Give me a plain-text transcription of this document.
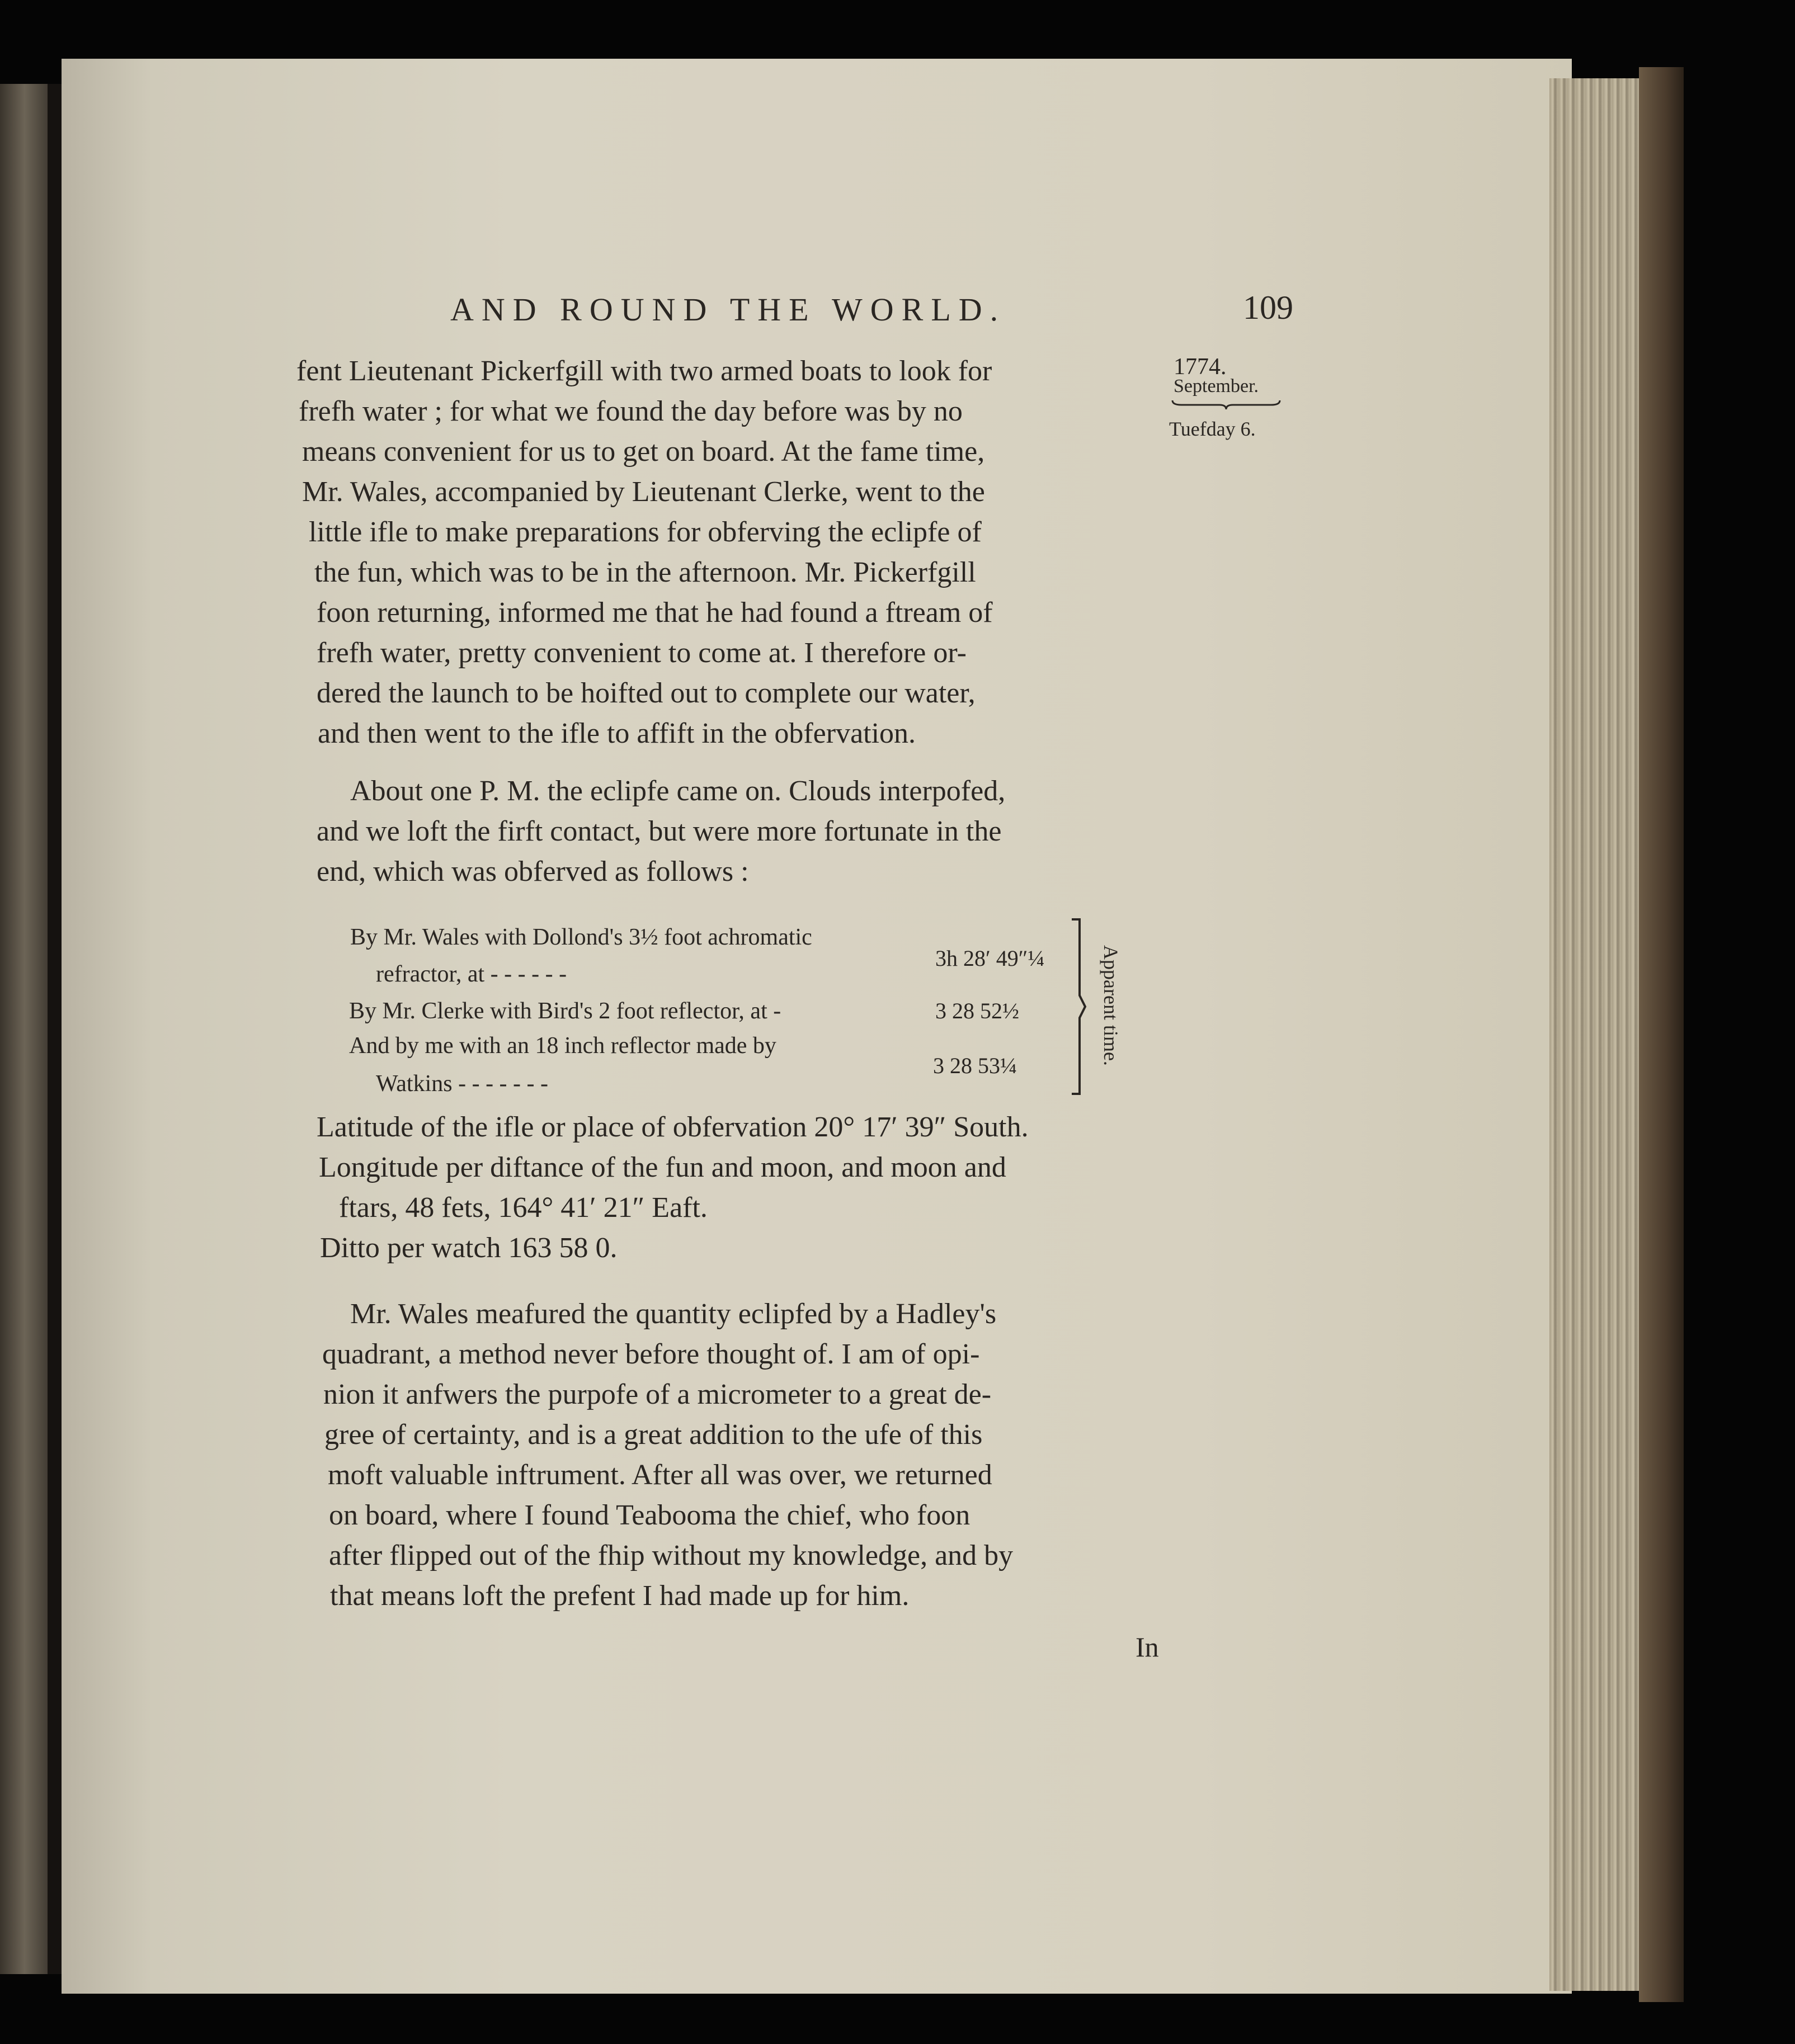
AND ROUND THE WORLD.	109
1774.
September.
Tuefday 6.
fent Lieutenant Pickerfgill with two armed boats to look for
frefh water ; for what we found the day before was by no
means convenient for us to get on board. At the fame time,
Mr. Wales, accompanied by Lieutenant Clerke, went to the
little ifle to make preparations for obferving the eclipfe of
the fun, which was to be in the afternoon. Mr. Pickerfgill
foon returning, informed me that he had found a ftream of
frefh water, pretty convenient to come at. I therefore or-
dered the launch to be hoifted out to complete our water,
and then went to the ifle to affift in the obfervation.
About one P. M. the eclipfe came on. Clouds interpofed,
and we loft the firft contact, but were more fortunate in the
end, which was obferved as follows :
By Mr. Wales with Dollond's 3½ foot achromatic
refractor, at - - - - - -
3h 28′ 49″¼
By Mr. Clerke with Bird's 2 foot reflector, at -	3 28 52½
And by me with an 18 inch reflector made by
Watkins - - - - - - -
3 28 53¼	Apparent time.
Latitude of the ifle or place of obfervation 20° 17′ 39″ South.
Longitude per diftance of the fun and moon, and moon and
ftars, 48 fets, 164° 41′ 21″ Eaft.
Ditto per watch 163 58 0.
Mr. Wales meafured the quantity eclipfed by a Hadley's
quadrant, a method never before thought of. I am of opi-
nion it anfwers the purpofe of a micrometer to a great de-
gree of certainty, and is a great addition to the ufe of this
moft valuable inftrument. After all was over, we returned
on board, where I found Teabooma the chief, who foon
after flipped out of the fhip without my knowledge, and by
that means loft the prefent I had made up for him.
In
